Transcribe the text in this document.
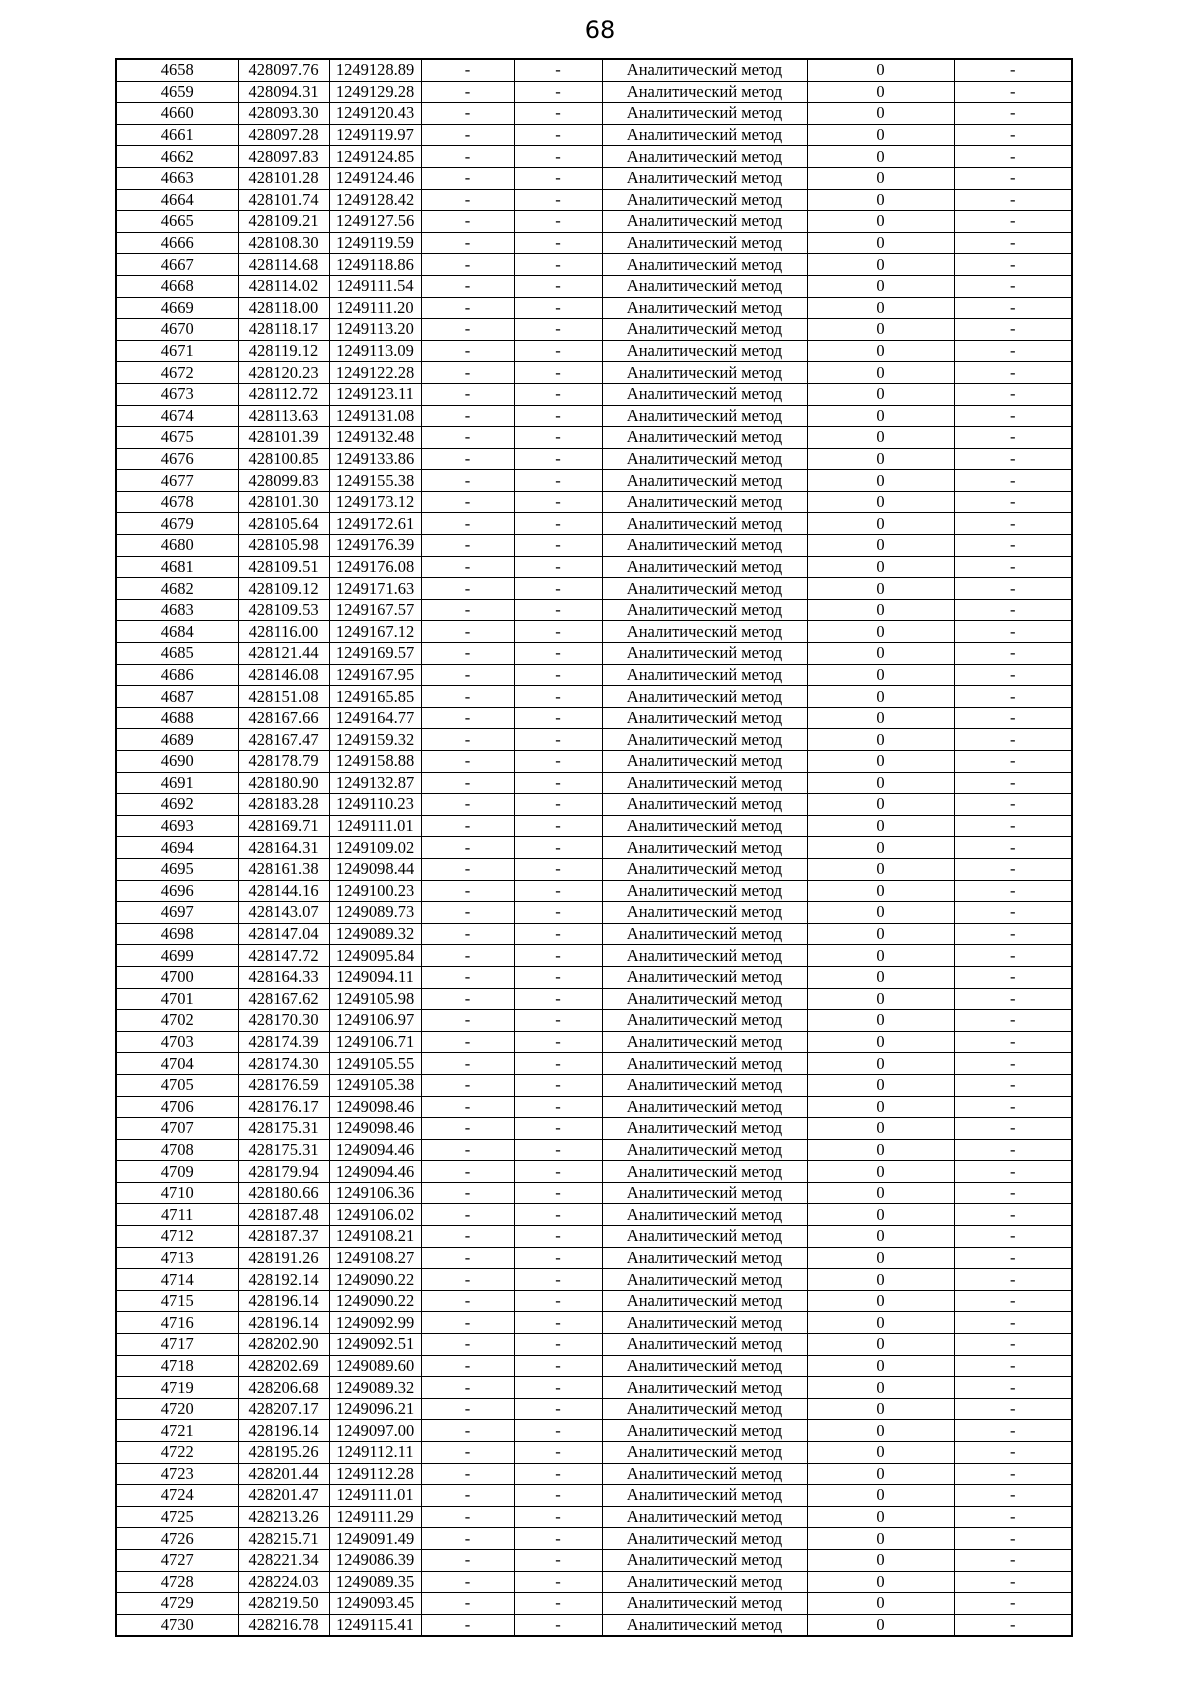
68
4658	428097.76	1249128.89	-	-	Аналитический метод	0	-
4659	428094.31	1249129.28	-	-	Аналитический метод	0	-
4660	428093.30	1249120.43	-	-	Аналитический метод	0	-
4661	428097.28	1249119.97	-	-	Аналитический метод	0	-
4662	428097.83	1249124.85	-	-	Аналитический метод	0	-
4663	428101.28	1249124.46	-	-	Аналитический метод	0	-
4664	428101.74	1249128.42	-	-	Аналитический метод	0	-
4665	428109.21	1249127.56	-	-	Аналитический метод	0	-
4666	428108.30	1249119.59	-	-	Аналитический метод	0	-
4667	428114.68	1249118.86	-	-	Аналитический метод	0	-
4668	428114.02	1249111.54	-	-	Аналитический метод	0	-
4669	428118.00	1249111.20	-	-	Аналитический метод	0	-
4670	428118.17	1249113.20	-	-	Аналитический метод	0	-
4671	428119.12	1249113.09	-	-	Аналитический метод	0	-
4672	428120.23	1249122.28	-	-	Аналитический метод	0	-
4673	428112.72	1249123.11	-	-	Аналитический метод	0	-
4674	428113.63	1249131.08	-	-	Аналитический метод	0	-
4675	428101.39	1249132.48	-	-	Аналитический метод	0	-
4676	428100.85	1249133.86	-	-	Аналитический метод	0	-
4677	428099.83	1249155.38	-	-	Аналитический метод	0	-
4678	428101.30	1249173.12	-	-	Аналитический метод	0	-
4679	428105.64	1249172.61	-	-	Аналитический метод	0	-
4680	428105.98	1249176.39	-	-	Аналитический метод	0	-
4681	428109.51	1249176.08	-	-	Аналитический метод	0	-
4682	428109.12	1249171.63	-	-	Аналитический метод	0	-
4683	428109.53	1249167.57	-	-	Аналитический метод	0	-
4684	428116.00	1249167.12	-	-	Аналитический метод	0	-
4685	428121.44	1249169.57	-	-	Аналитический метод	0	-
4686	428146.08	1249167.95	-	-	Аналитический метод	0	-
4687	428151.08	1249165.85	-	-	Аналитический метод	0	-
4688	428167.66	1249164.77	-	-	Аналитический метод	0	-
4689	428167.47	1249159.32	-	-	Аналитический метод	0	-
4690	428178.79	1249158.88	-	-	Аналитический метод	0	-
4691	428180.90	1249132.87	-	-	Аналитический метод	0	-
4692	428183.28	1249110.23	-	-	Аналитический метод	0	-
4693	428169.71	1249111.01	-	-	Аналитический метод	0	-
4694	428164.31	1249109.02	-	-	Аналитический метод	0	-
4695	428161.38	1249098.44	-	-	Аналитический метод	0	-
4696	428144.16	1249100.23	-	-	Аналитический метод	0	-
4697	428143.07	1249089.73	-	-	Аналитический метод	0	-
4698	428147.04	1249089.32	-	-	Аналитический метод	0	-
4699	428147.72	1249095.84	-	-	Аналитический метод	0	-
4700	428164.33	1249094.11	-	-	Аналитический метод	0	-
4701	428167.62	1249105.98	-	-	Аналитический метод	0	-
4702	428170.30	1249106.97	-	-	Аналитический метод	0	-
4703	428174.39	1249106.71	-	-	Аналитический метод	0	-
4704	428174.30	1249105.55	-	-	Аналитический метод	0	-
4705	428176.59	1249105.38	-	-	Аналитический метод	0	-
4706	428176.17	1249098.46	-	-	Аналитический метод	0	-
4707	428175.31	1249098.46	-	-	Аналитический метод	0	-
4708	428175.31	1249094.46	-	-	Аналитический метод	0	-
4709	428179.94	1249094.46	-	-	Аналитический метод	0	-
4710	428180.66	1249106.36	-	-	Аналитический метод	0	-
4711	428187.48	1249106.02	-	-	Аналитический метод	0	-
4712	428187.37	1249108.21	-	-	Аналитический метод	0	-
4713	428191.26	1249108.27	-	-	Аналитический метод	0	-
4714	428192.14	1249090.22	-	-	Аналитический метод	0	-
4715	428196.14	1249090.22	-	-	Аналитический метод	0	-
4716	428196.14	1249092.99	-	-	Аналитический метод	0	-
4717	428202.90	1249092.51	-	-	Аналитический метод	0	-
4718	428202.69	1249089.60	-	-	Аналитический метод	0	-
4719	428206.68	1249089.32	-	-	Аналитический метод	0	-
4720	428207.17	1249096.21	-	-	Аналитический метод	0	-
4721	428196.14	1249097.00	-	-	Аналитический метод	0	-
4722	428195.26	1249112.11	-	-	Аналитический метод	0	-
4723	428201.44	1249112.28	-	-	Аналитический метод	0	-
4724	428201.47	1249111.01	-	-	Аналитический метод	0	-
4725	428213.26	1249111.29	-	-	Аналитический метод	0	-
4726	428215.71	1249091.49	-	-	Аналитический метод	0	-
4727	428221.34	1249086.39	-	-	Аналитический метод	0	-
4728	428224.03	1249089.35	-	-	Аналитический метод	0	-
4729	428219.50	1249093.45	-	-	Аналитический метод	0	-
4730	428216.78	1249115.41	-	-	Аналитический метод	0	-
